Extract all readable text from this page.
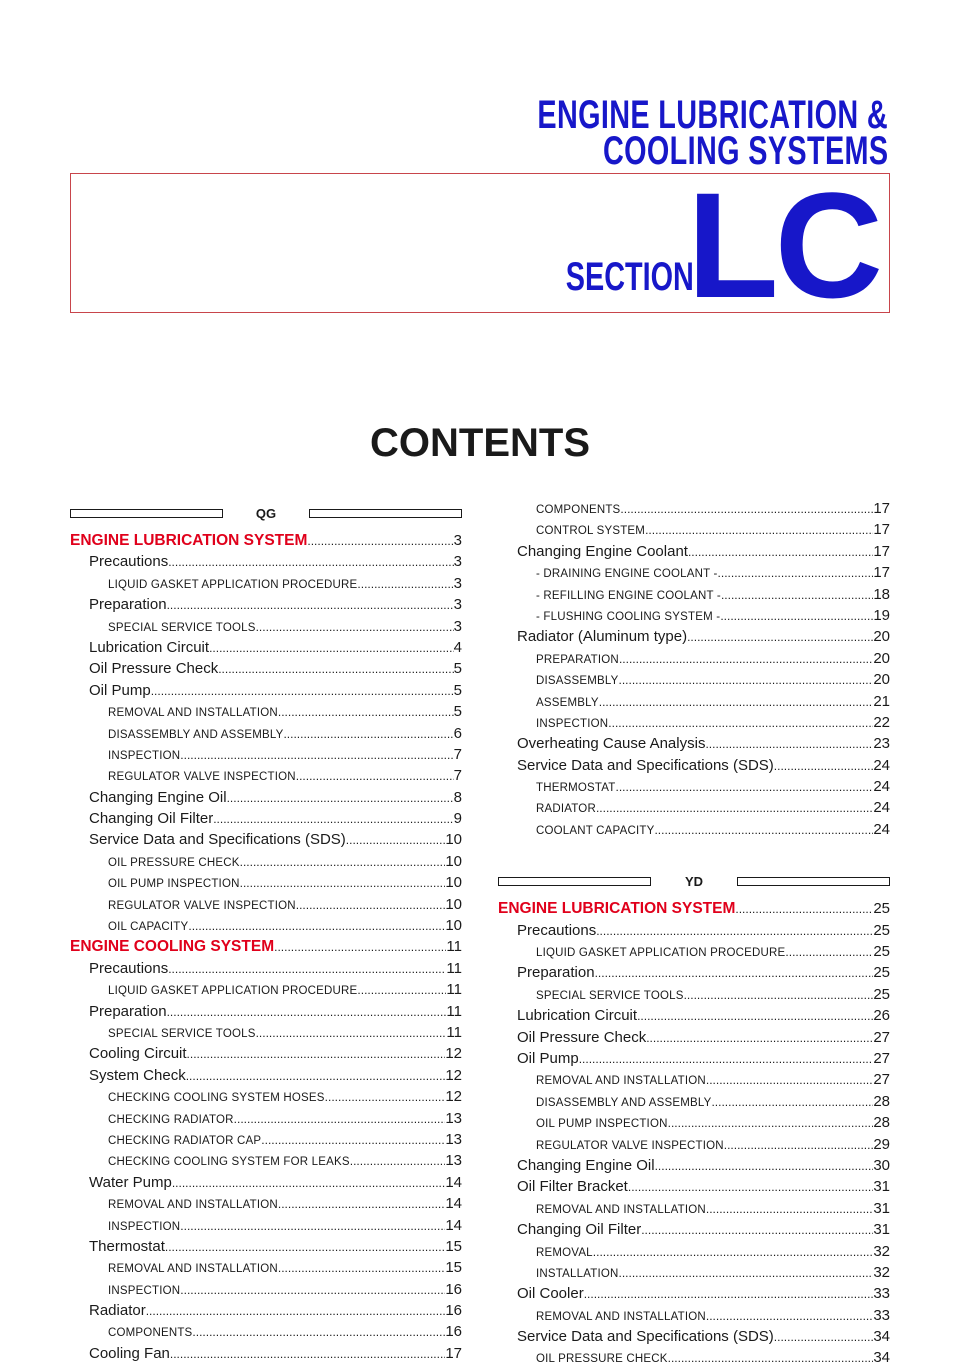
ENGINE LUBRICATION &
COOLING SYSTEMS
SECTION
LC
CONTENTS
QG
ENGINE LUBRICATION SYSTEM .....	3
Precautions .....	3
LIQUID GASKET APPLICATION PROCEDURE .....	3
Preparation .....	3
SPECIAL SERVICE TOOLS .....	3
Lubrication Circuit .....	4
Oil Pressure Check .....	5
Oil Pump .....	5
REMOVAL AND INSTALLATION .....	5
DISASSEMBLY AND ASSEMBLY .....	6
INSPECTION .....	7
REGULATOR VALVE INSPECTION .....	7
Changing Engine Oil .....	8
Changing Oil Filter .....	9
Service Data and Specifications (SDS) .....	10
OIL PRESSURE CHECK .....	10
OIL PUMP INSPECTION .....	10
REGULATOR VALVE INSPECTION .....	10
OIL CAPACITY .....	10
ENGINE COOLING SYSTEM .....	11
Precautions .....	11
LIQUID GASKET APPLICATION PROCEDURE .....	11
Preparation .....	11
SPECIAL SERVICE TOOLS .....	11
Cooling Circuit .....	12
System Check .....	12
CHECKING COOLING SYSTEM HOSES .....	12
CHECKING RADIATOR .....	13
CHECKING RADIATOR CAP .....	13
CHECKING COOLING SYSTEM FOR LEAKS .....	13
Water Pump .....	14
REMOVAL AND INSTALLATION .....	14
INSPECTION .....	14
Thermostat .....	15
REMOVAL AND INSTALLATION .....	15
INSPECTION .....	16
Radiator .....	16
COMPONENTS .....	16
Cooling Fan .....	17
COMPONENTS .....	17
CONTROL SYSTEM .....	17
Changing Engine Coolant .....	17
- DRAINING ENGINE COOLANT - .....	17
- REFILLING ENGINE COOLANT - .....	18
- FLUSHING COOLING SYSTEM - .....	19
Radiator (Aluminum type) .....	20
PREPARATION .....	20
DISASSEMBLY .....	20
ASSEMBLY .....	21
INSPECTION .....	22
Overheating Cause Analysis .....	23
Service Data and Specifications (SDS) .....	24
THERMOSTAT .....	24
RADIATOR .....	24
COOLANT CAPACITY .....	24
YD
ENGINE LUBRICATION SYSTEM .....	25
Precautions .....	25
LIQUID GASKET APPLICATION PROCEDURE .....	25
Preparation .....	25
SPECIAL SERVICE TOOLS .....	25
Lubrication Circuit .....	26
Oil Pressure Check .....	27
Oil Pump .....	27
REMOVAL AND INSTALLATION .....	27
DISASSEMBLY AND ASSEMBLY .....	28
OIL PUMP INSPECTION .....	28
REGULATOR VALVE INSPECTION .....	29
Changing Engine Oil .....	30
Oil Filter Bracket .....	31
REMOVAL AND INSTALLATION .....	31
Changing Oil Filter .....	31
REMOVAL .....	32
INSTALLATION .....	32
Oil Cooler .....	33
REMOVAL AND INSTALLATION .....	33
Service Data and Specifications (SDS) .....	34
OIL PRESSURE CHECK .....	34
